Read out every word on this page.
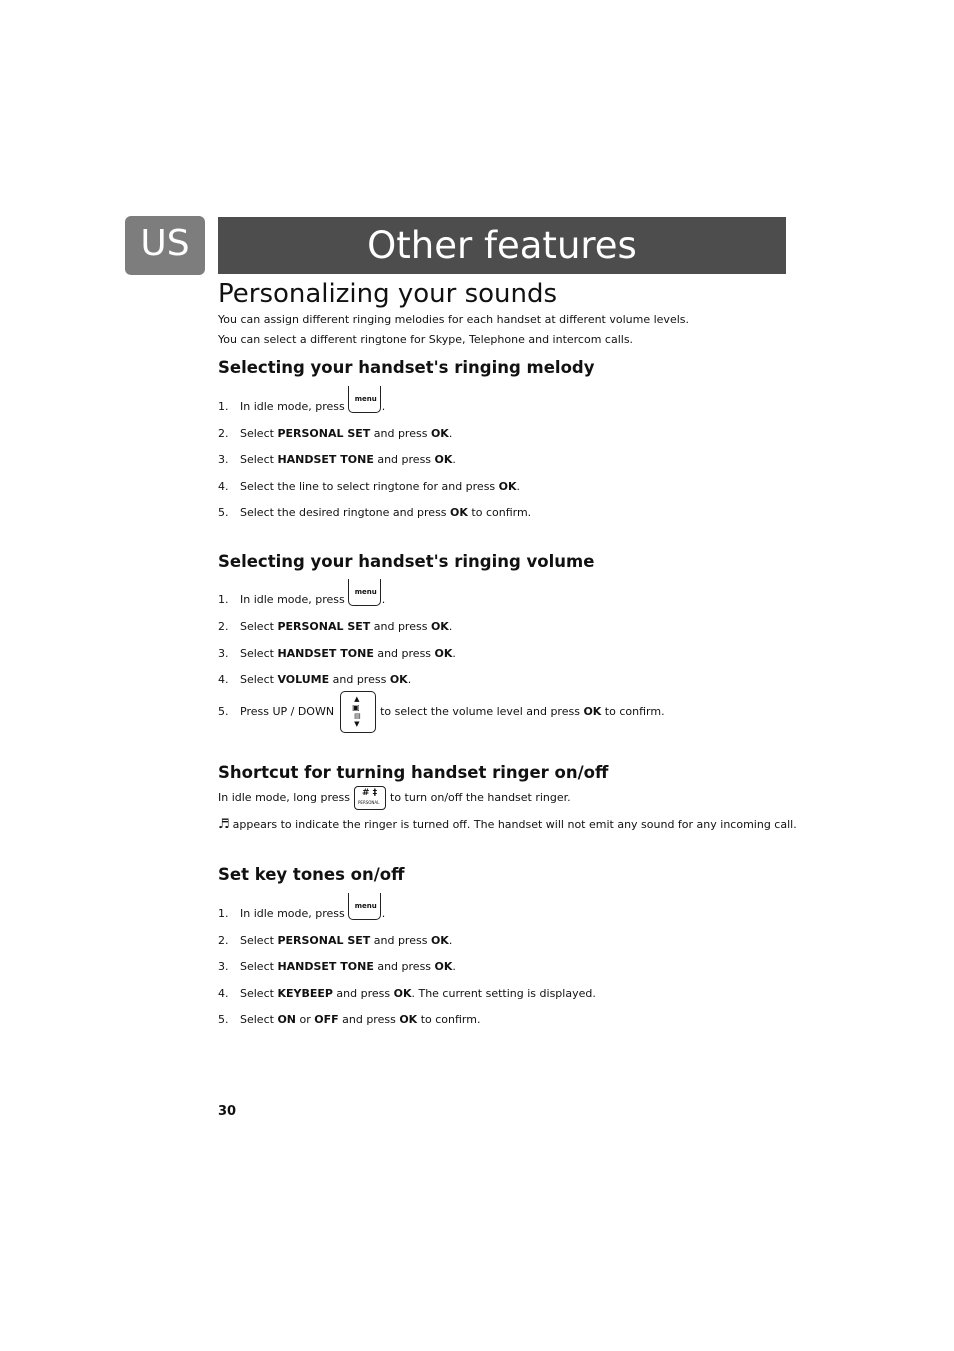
US	Other features
Personalizing your sounds

You can assign different ringing melodies for each handset at different volume levels.

You can select a different ringtone for Skype, Telephone and intercom calls.

Selecting your handset's ringing melody
1. In idle mode, press
menu
.
2. Select PERSONAL SET and press OK.
3. Select HANDSET TONE and press OK.
4. Select the line to select ringtone for and press OK.
5. Select the desired ringtone and press OK to confirm.
Selecting your handset's ringing volume
1. In idle mode, press
menu
.
2. Select PERSONAL SET and press OK.
3. Select HANDSET TONE and press OK.
4. Select VOLUME and press OK.
5. Press UP / DOWN
▲
▣
▤
▼
to select the volume level and press OK to confirm.
Shortcut for turning handset ringer on/off
In idle mode, long press # ‡
PERSONAL to turn on/off the handset ringer.
♬ appears to indicate the ringer is turned off. The handset will not emit any sound for any incoming call.
Set key tones on/off
1. In idle mode, press
menu
.
2. Select PERSONAL SET and press OK.
3. Select HANDSET TONE and press OK.
4. Select KEYBEEP and press OK. The current setting is displayed.
5. Select ON or OFF and press OK to confirm.
30
